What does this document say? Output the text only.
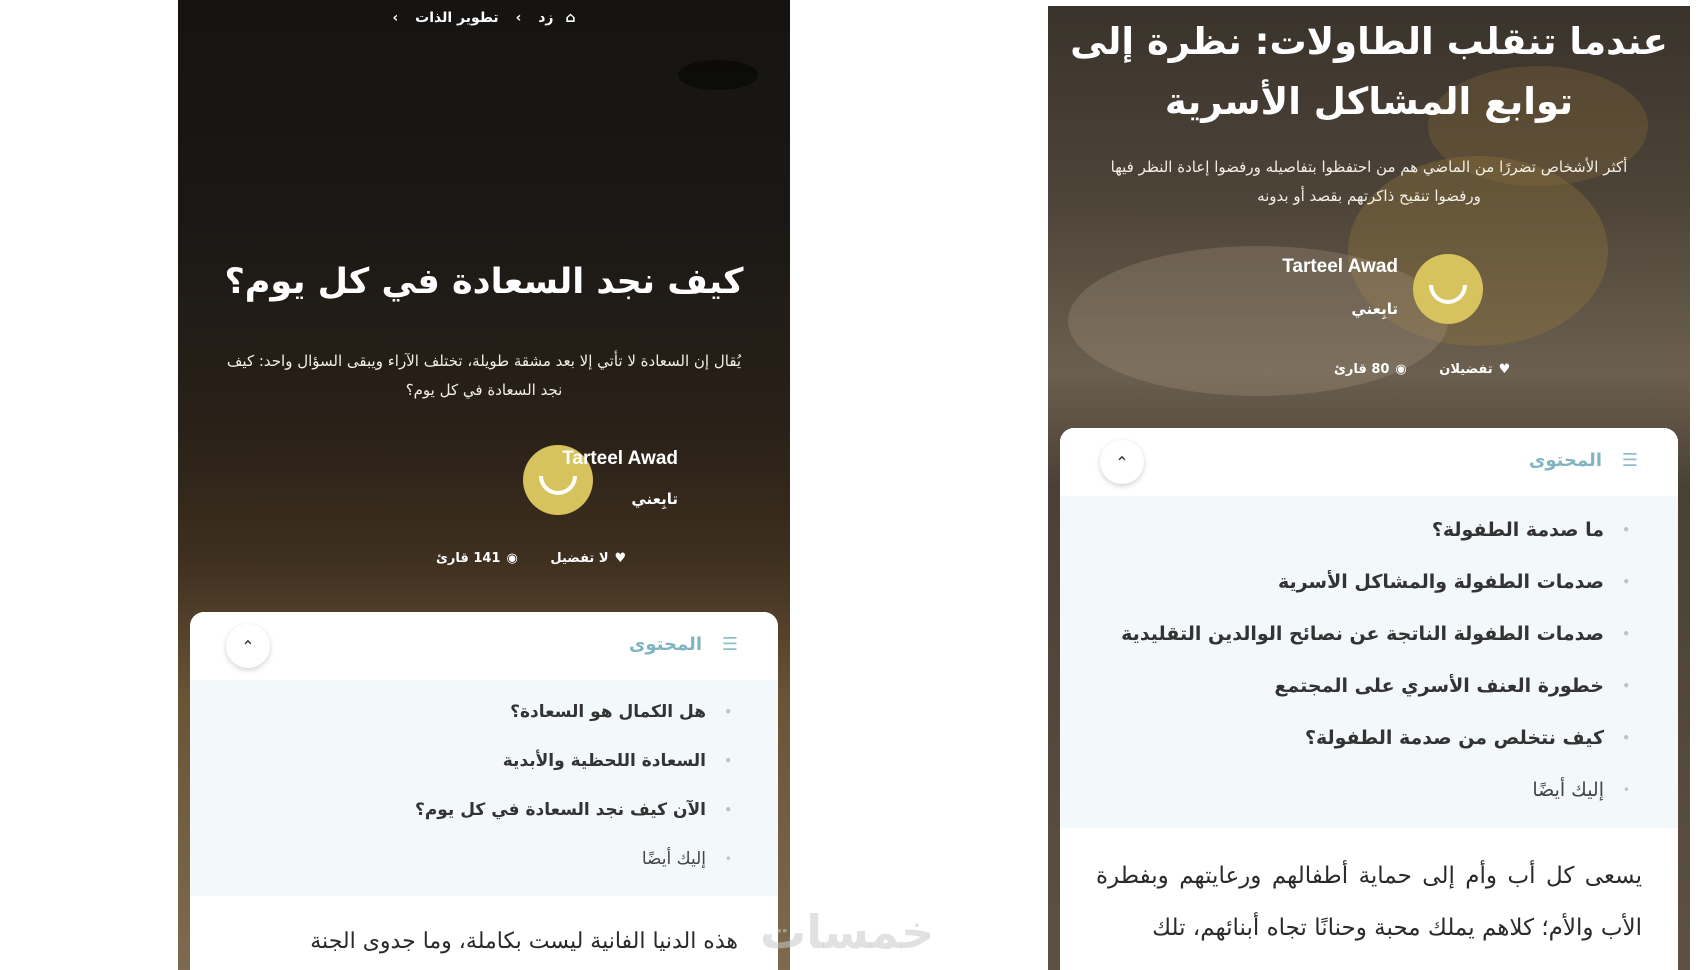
⌂زد › تطوير الذات ›
كيف نجد السعادة في كل يوم؟

يُقال إن السعادة لا تأتي إلا بعد مشقة طويلة، تختلف الآراء ويبقى السؤال واحد: كيف نجد السعادة في كل يوم؟

Tarteel Awad
تابِعني
♥
لا تفضيل

◉
141 قارئ
☰
المحتوى
⌃
•
هل الكمال هو السعادة؟
•
السعادة اللحظية والأبدية
•
الآن كيف نجد السعادة في كل يوم؟
•
إليك أيضًا
هذه الدنيا الفانية ليست بكاملة، وما جدوى الجنة
عندما تنقلب الطاولات: نظرة إلى توابع المشاكل الأسرية

أكثر الأشخاص تضررًا من الماضي هم من احتفظوا بتفاصيله ورفضوا إعادة النظر فيها ورفضوا تنقيح ذاكرتهم بقصد أو بدونه

Tarteel Awad
تابِعني
♥
تفضيلان

◉
80 قارئ
☰
المحتوى
⌃
•
ما صدمة الطفولة؟
•
صدمات الطفولة والمشاكل الأسرية
•
صدمات الطفولة الناتجة عن نصائح الوالدين التقليدية
•
خطورة العنف الأسري على المجتمع
•
كيف نتخلص من صدمة الطفولة؟
•
إليك أيضًا
يسعى كل أب وأم إلى حماية أطفالهم ورعايتهم وبفطرة الأب والأم؛ كلاهم يملك محبة وحنانًا تجاه أبنائهم، تلك
خمسات
